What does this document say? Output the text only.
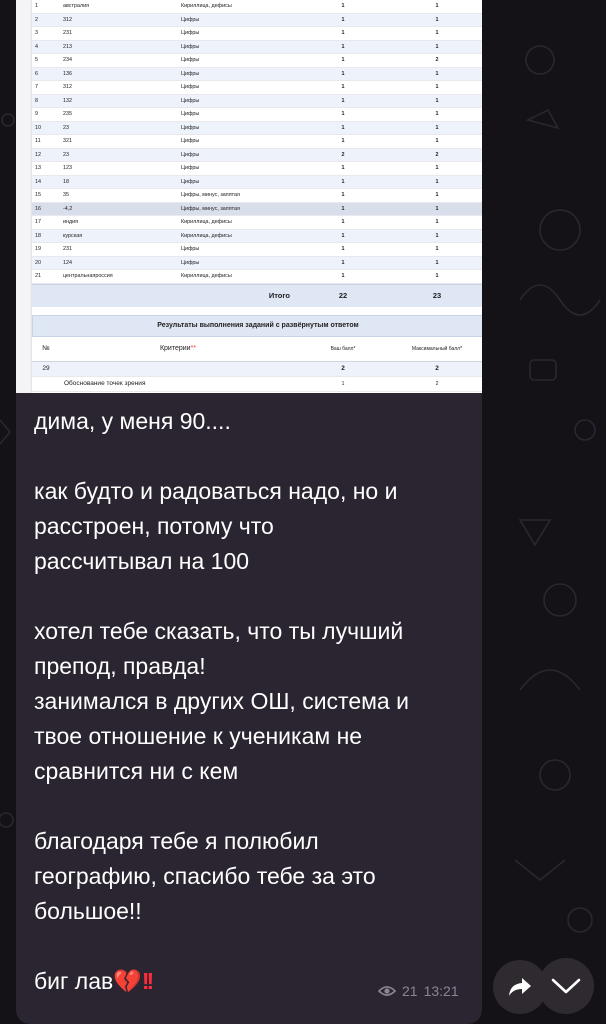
1	австралия	Кириллица, дефисы	1	1
2	312	Цифры	1	1
3	231	Цифры	1	1
4	213	Цифры	1	1
5	234	Цифры	1	2
6	136	Цифры	1	1
7	312	Цифры	1	1
8	132	Цифры	1	1
9	235	Цифры	1	1
10	23	Цифры	1	1
11	321	Цифры	1	1
12	23	Цифры	2	2
13	123	Цифры	1	1
14	18	Цифры	1	1
15	35	Цифры, минус, запятая	1	1
16	-4,2	Цифры, минус, запятая	1	1
17	индия	Кириллица, дефисы	1	1
18	курская	Кириллица, дефисы	1	1
19	231	Цифры	1	1
20	124	Цифры	1	1
21	центральнаяроссия	Кириллица, дефисы	1	1
Итого	22	23
Результаты выполнения заданий с развёрнутым ответом
№	Критерии**	Ваш балл*	Максимальный балл*
29	2	2
Обоснование точек зрения	1	2

дима, у меня 90....

как будто и радоваться надо, но и
расстроен, потому что
рассчитывал на 100

хотел тебе сказать, что ты лучший
препод, правда!
занимался в других ОШ, система и
твое отношение к ученикам не
сравнится ни с кем

благодаря тебе я полюбил
географию, спасибо тебе за это
большое!!

биг лав💔!!	21 13:21
